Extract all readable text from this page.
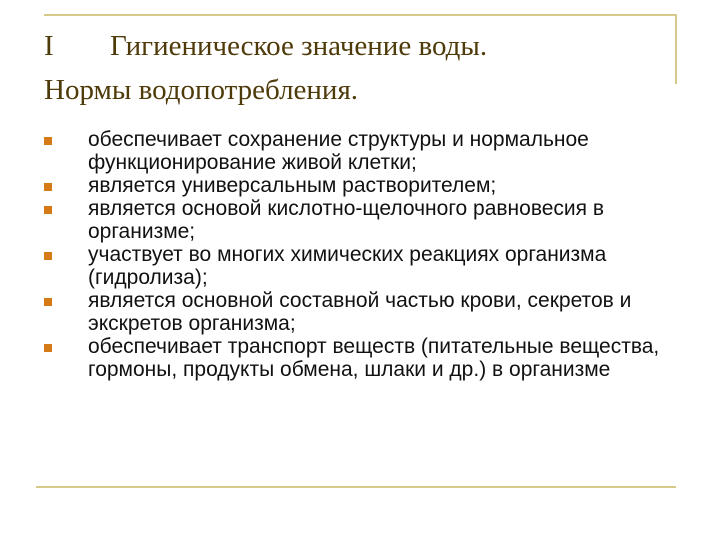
I Гигиеническое значение воды.
Нормы водопотребления.
обеспечивает сохранение структуры и нормальное функционирование живой клетки;
является универсальным растворителем;
является основой кислотно-щелочного равновесия в организме;
участвует во многих химических реакциях организма (гидролиза);
является основной составной частью крови, секретов и экскретов организма;
обеспечивает транспорт веществ (питательные вещества, гормоны, продукты обмена, шлаки и др.) в организме
